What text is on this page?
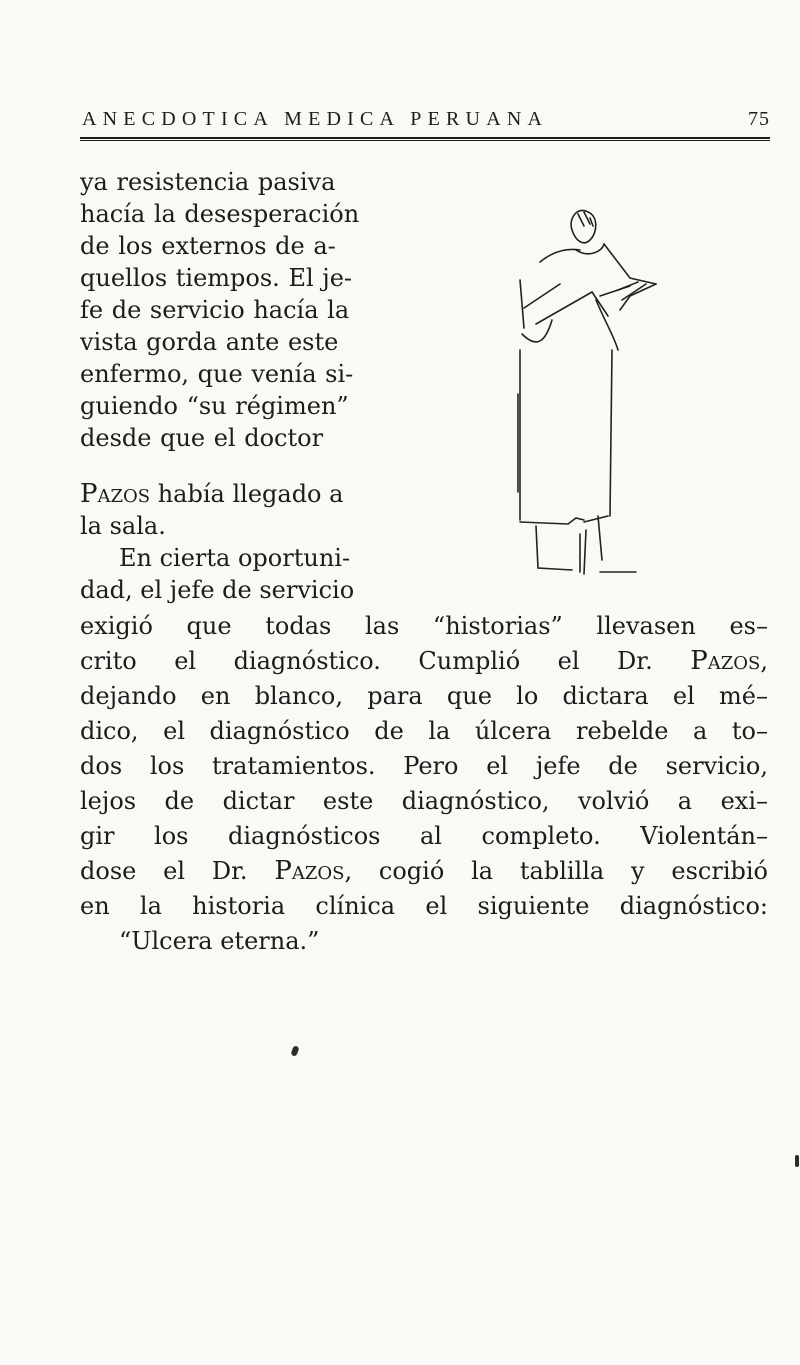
ANECDOTICA MEDICA PERUANA	75
ya resistencia pasiva
hacía la desesperación
de los externos de a-
quellos tiempos. El je-
fe de servicio hacía la
vista gorda ante este
enfermo, que venía si-
guiendo “su régimen”
desde que el doctor
Pazos había llegado a
la sala.
En cierta oportuni-
dad, el jefe de servicio
exigió que todas las “historias” llevasen es–
crito el diagnóstico. Cumplió el Dr. Pazos,
dejando en blanco, para que lo dictara el mé–
dico, el diagnóstico de la úlcera rebelde a to–
dos los tratamientos. Pero el jefe de servicio,
lejos de dictar este diagnóstico, volvió a exi–
gir los diagnósticos al completo. Violentán–
dose el Dr. Pazos, cogió la tablilla y escribió
en la historia clínica el siguiente diagnóstico:
“Ulcera eterna.”
